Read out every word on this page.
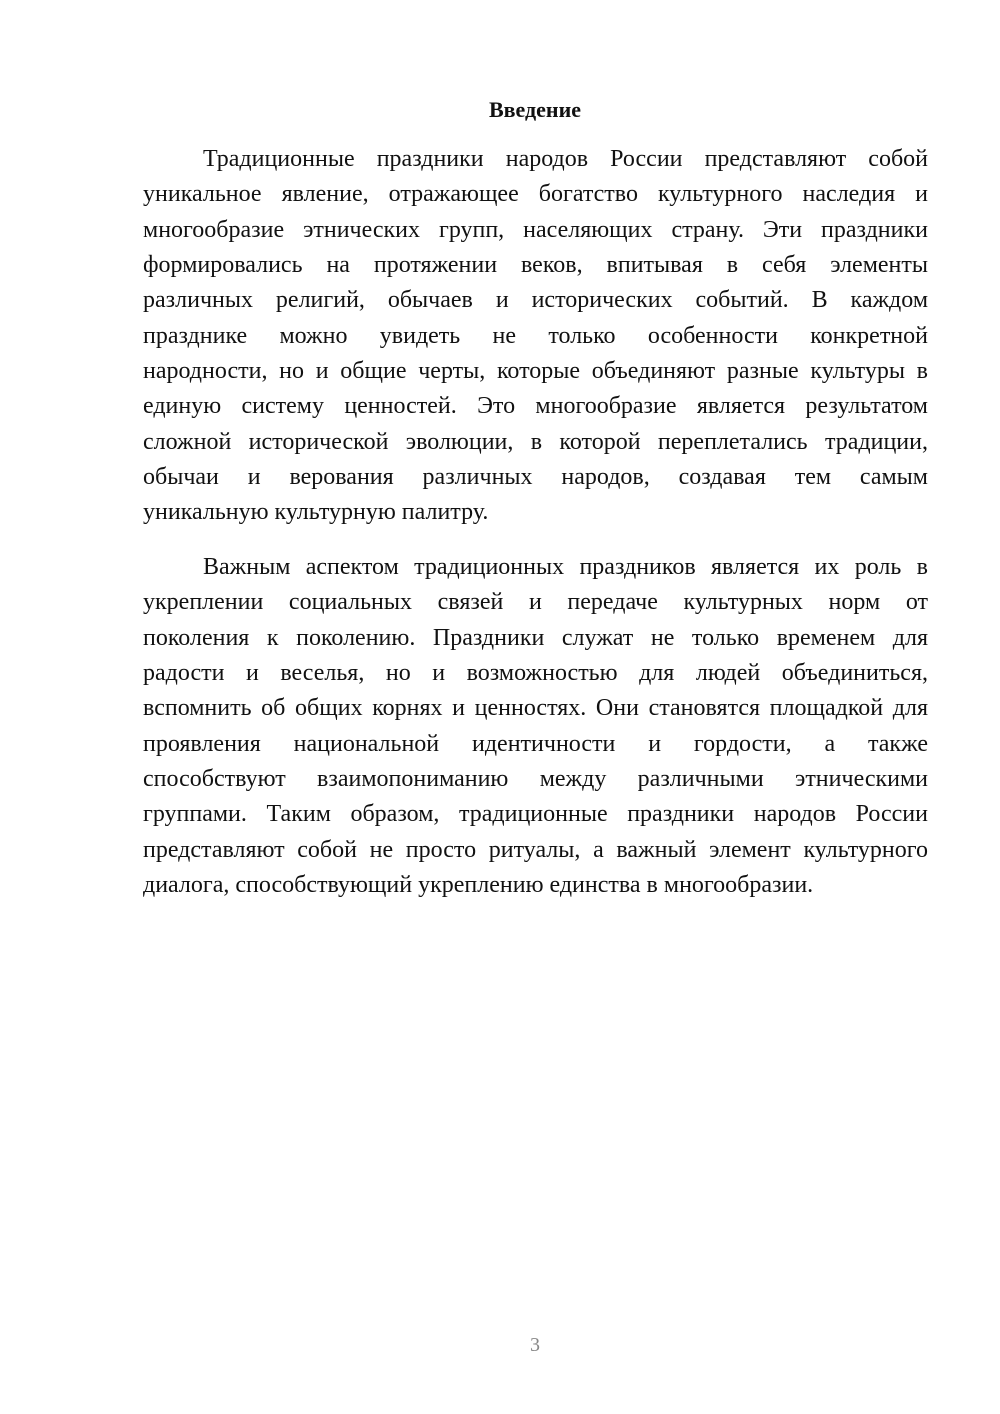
Введение
Традиционные праздники народов России представляют собой
уникальное явление, отражающее богатство культурного наследия и
многообразие этнических групп, населяющих страну. Эти праздники
формировались на протяжении веков, впитывая в себя элементы
различных религий, обычаев и исторических событий. В каждом
празднике можно увидеть не только особенности конкретной
народности, но и общие черты, которые объединяют разные культуры в
единую систему ценностей. Это многообразие является результатом
сложной исторической эволюции, в которой переплетались традиции,
обычаи и верования различных народов, создавая тем самым
уникальную культурную палитру.
Важным аспектом традиционных праздников является их роль в
укреплении социальных связей и передаче культурных норм от
поколения к поколению. Праздники служат не только временем для
радости и веселья, но и возможностью для людей объединиться,
вспомнить об общих корнях и ценностях. Они становятся площадкой для
проявления национальной идентичности и гордости, а также
способствуют взаимопониманию между различными этническими
группами. Таким образом, традиционные праздники народов России
представляют собой не просто ритуалы, а важный элемент культурного
диалога, способствующий укреплению единства в многообразии.
3
